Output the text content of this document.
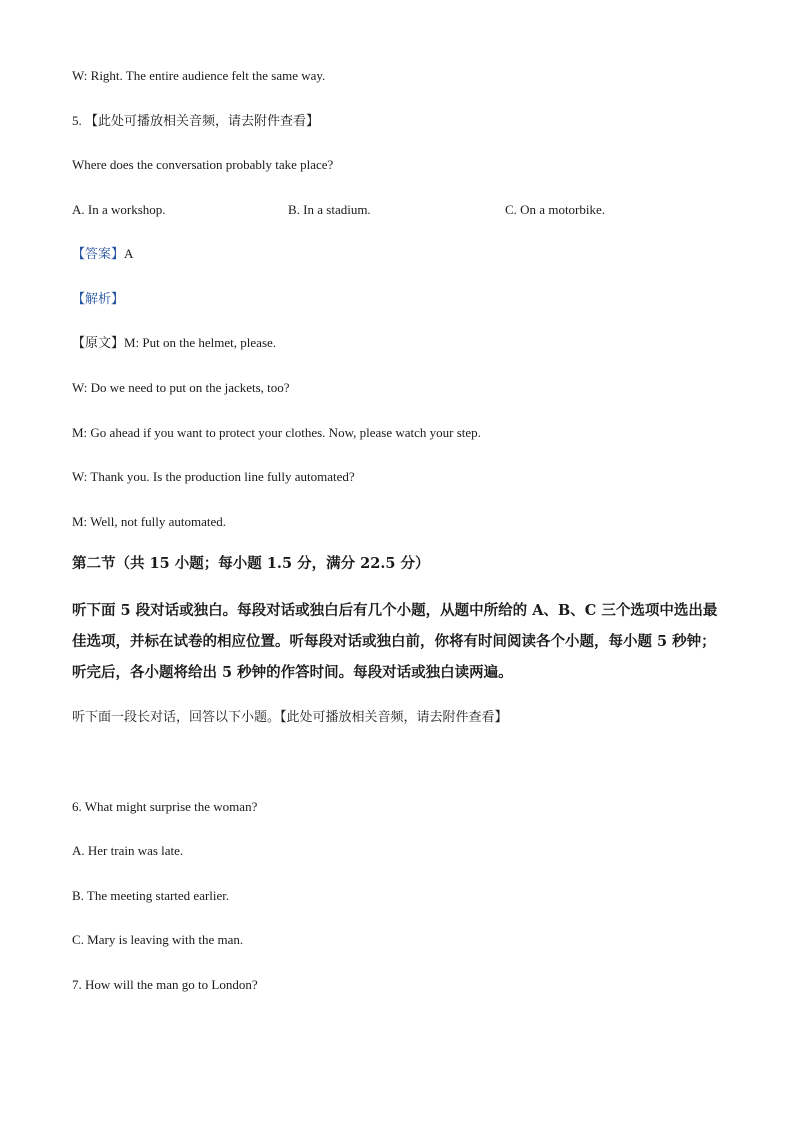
W: Right. The entire audience felt the same way.
5. 【此处可播放相关音频，请去附件查看】
Where does the conversation probably take place?
A. In a workshop.	B. In a stadium.	C. On a motorbike.
【答案】A
【解析】
【原文】M: Put on the helmet, please.
W: Do we need to put on the jackets, too?
M: Go ahead if you want to protect your clothes. Now, please watch your step.
W: Thank you. Is the production line fully automated?
M: Well, not fully automated.
第二节（共 15 小题；每小题 1.5 分，满分 22.5 分）
听下面 5 段对话或独白。每段对话或独白后有几个小题，从题中所给的 A、B、C 三个选项中选出最佳选项，并标在试卷的相应位置。听每段对话或独白前，你将有时间阅读各个小题，每小题 5 秒钟；听完后，各小题将给出 5 秒钟的作答时间。每段对话或独白读两遍。
听下面一段长对话，回答以下小题。【此处可播放相关音频，请去附件查看】
6. What might surprise the woman?
A. Her train was late.
B. The meeting started earlier.
C. Mary is leaving with the man.
7. How will the man go to London?
